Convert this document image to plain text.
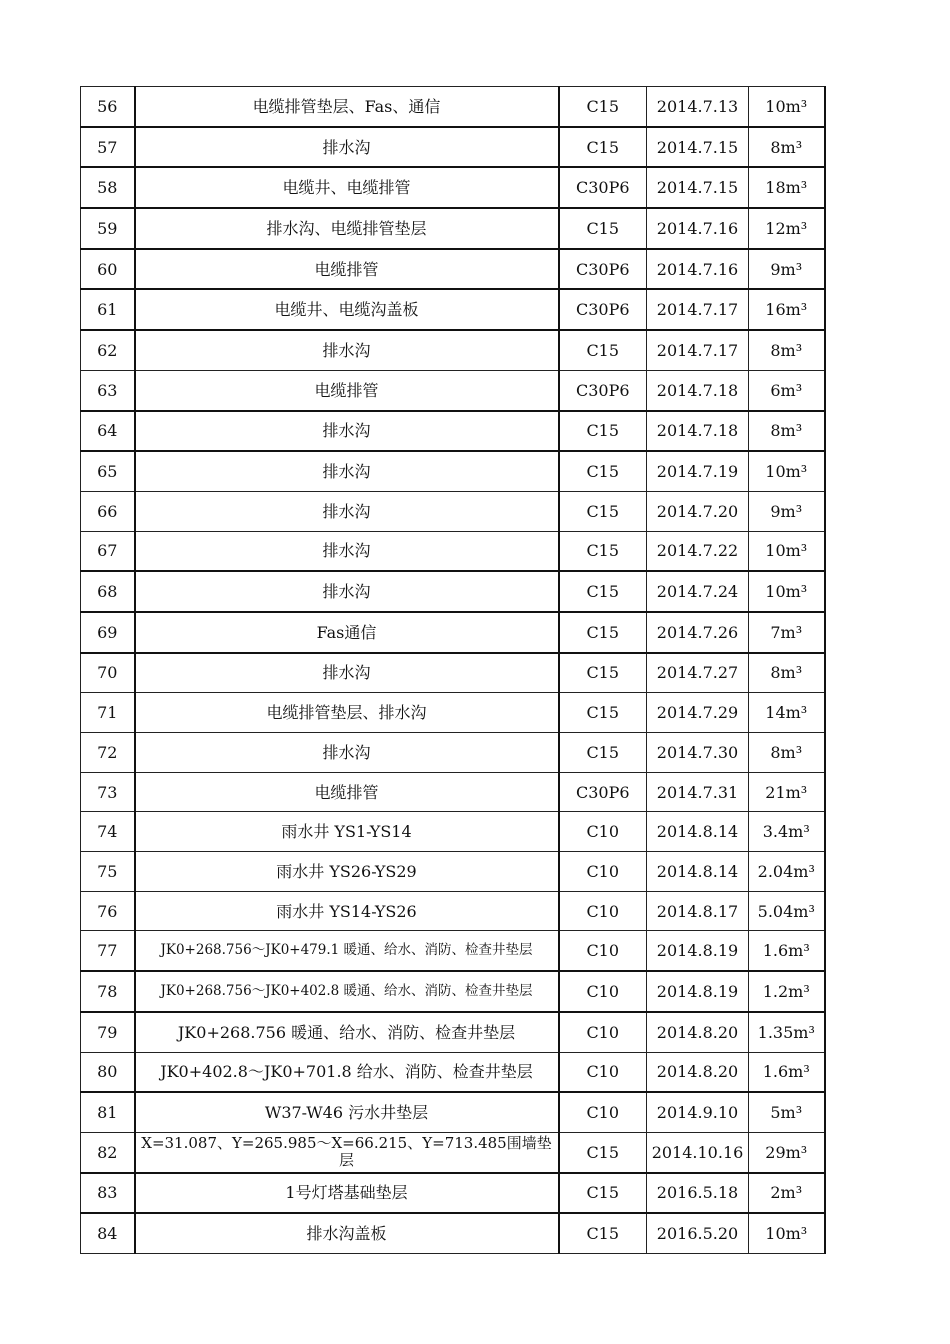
56	电缆排管垫层、Fas、通信	C15	2014.7.13	10m³
57	排水沟	C15	2014.7.15	8m³
58	电缆井、电缆排管	C30P6	2014.7.15	18m³
59	排水沟、电缆排管垫层	C15	2014.7.16	12m³
60	电缆排管	C30P6	2014.7.16	9m³
61	电缆井、电缆沟盖板	C30P6	2014.7.17	16m³
62	排水沟	C15	2014.7.17	8m³
63	电缆排管	C30P6	2014.7.18	6m³
64	排水沟	C15	2014.7.18	8m³
65	排水沟	C15	2014.7.19	10m³
66	排水沟	C15	2014.7.20	9m³
67	排水沟	C15	2014.7.22	10m³
68	排水沟	C15	2014.7.24	10m³
69	Fas通信	C15	2014.7.26	7m³
70	排水沟	C15	2014.7.27	8m³
71	电缆排管垫层、排水沟	C15	2014.7.29	14m³
72	排水沟	C15	2014.7.30	8m³
73	电缆排管	C30P6	2014.7.31	21m³
74	雨水井 YS1-YS14	C10	2014.8.14	3.4m³
75	雨水井 YS26-YS29	C10	2014.8.14	2.04m³
76	雨水井 YS14-YS26	C10	2014.8.17	5.04m³
77	JK0+268.756～JK0+479.1 暖通、给水、消防、检查井垫层	C10	2014.8.19	1.6m³
78	JK0+268.756～JK0+402.8 暖通、给水、消防、检查井垫层	C10	2014.8.19	1.2m³
79	JK0+268.756 暖通、给水、消防、检查井垫层	C10	2014.8.20	1.35m³
80	JK0+402.8～JK0+701.8 给水、消防、检查井垫层	C10	2014.8.20	1.6m³
81	W37-W46 污水井垫层	C10	2014.9.10	5m³
82	X=31.087、Y=265.985～X=66.215、Y=713.485围墙垫层	C15	2014.10.16	29m³
83	1号灯塔基础垫层	C15	2016.5.18	2m³
84	排水沟盖板	C15	2016.5.20	10m³
